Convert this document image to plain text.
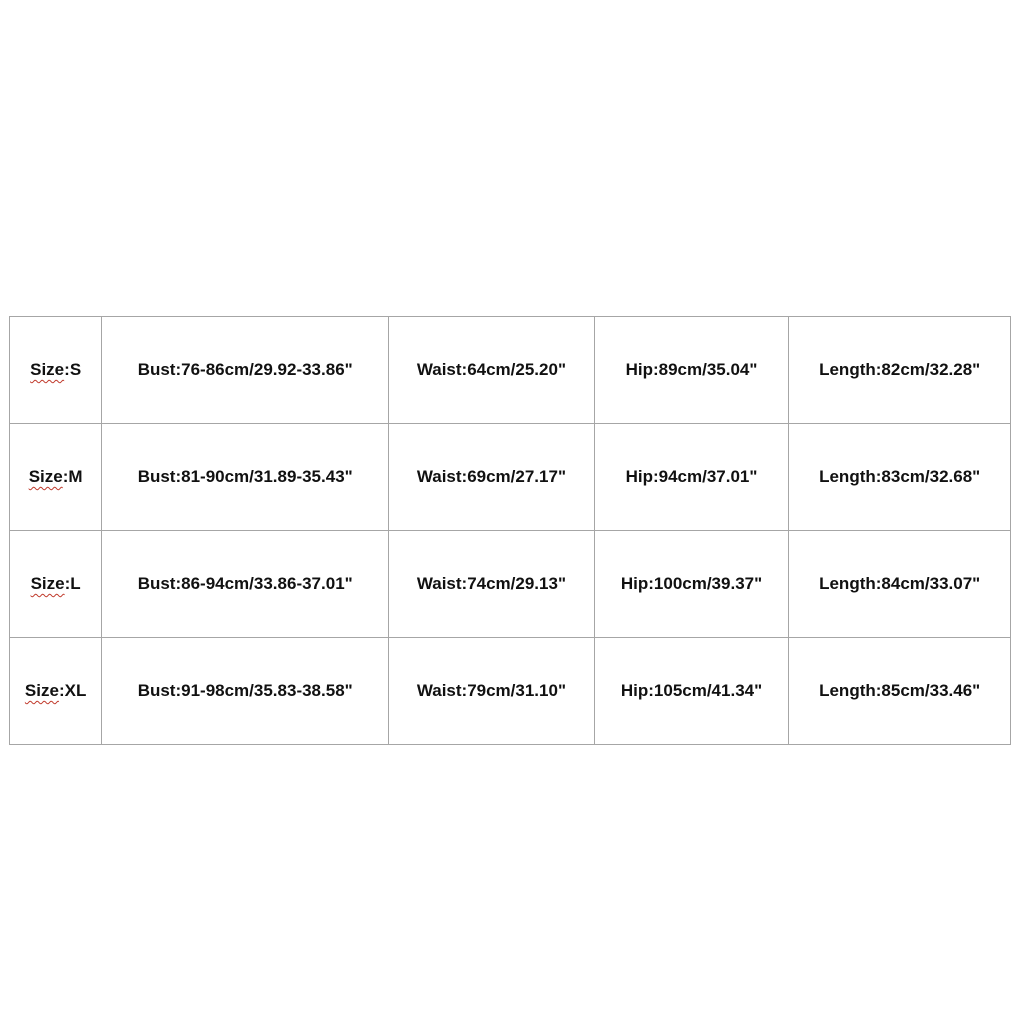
Size:S	Bust:76-86cm/29.92-33.86"	Waist:64cm/25.20"	Hip:89cm/35.04"	Length:82cm/32.28"
Size:M	Bust:81-90cm/31.89-35.43"	Waist:69cm/27.17"	Hip:94cm/37.01"	Length:83cm/32.68"
Size:L	Bust:86-94cm/33.86-37.01"	Waist:74cm/29.13"	Hip:100cm/39.37"	Length:84cm/33.07"
Size:XL	Bust:91-98cm/35.83-38.58"	Waist:79cm/31.10"	Hip:105cm/41.34"	Length:85cm/33.46"
